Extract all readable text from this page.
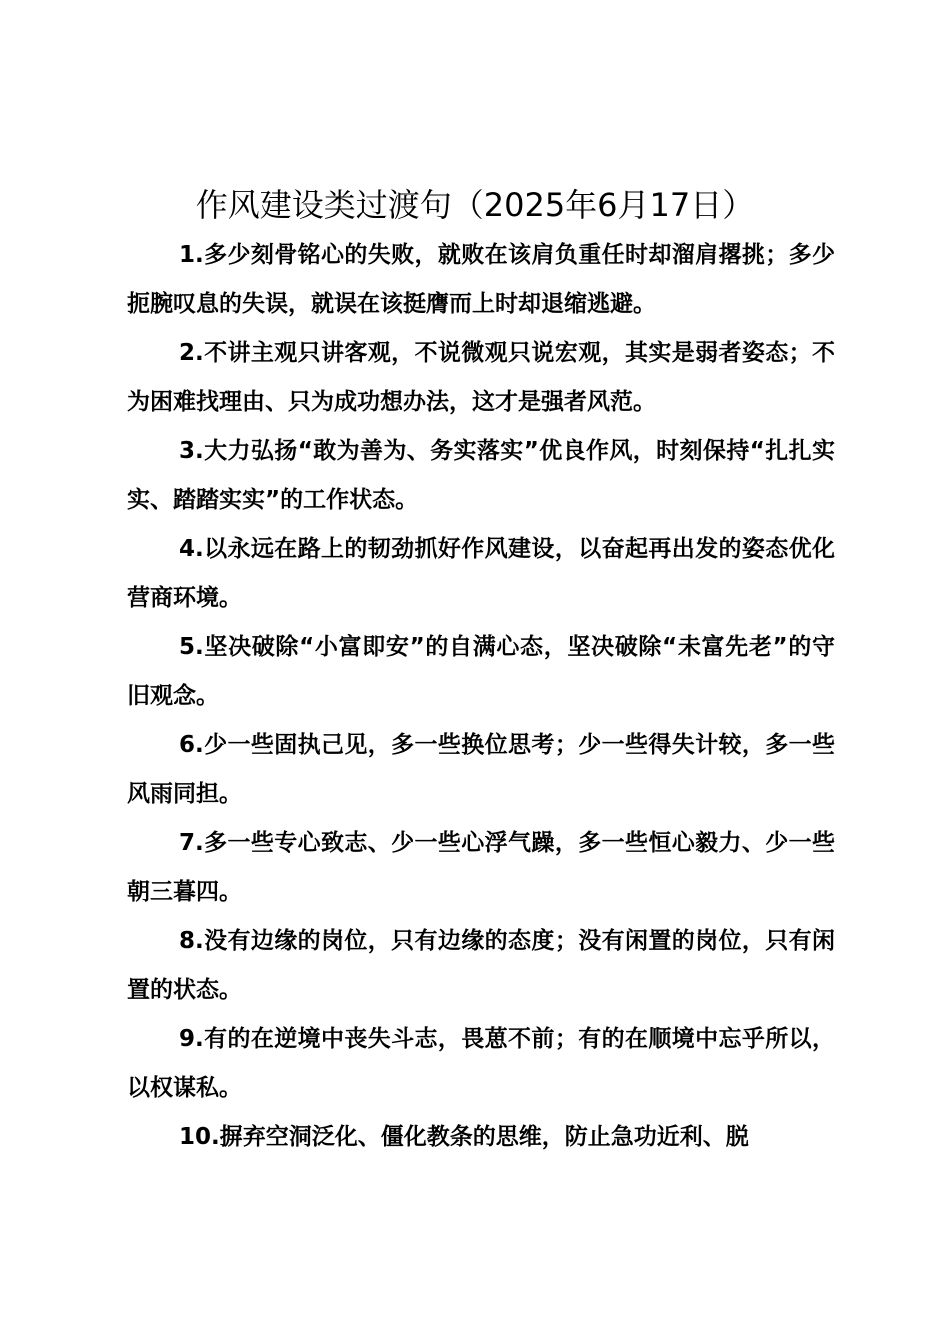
作风建设类过渡句（2025年6月17日）

1.多少刻骨铭心的失败，就败在该肩负重任时却溜肩撂挑；多少扼腕叹息的失误，就误在该挺膺而上时却退缩逃避。

2.不讲主观只讲客观，不说微观只说宏观，其实是弱者姿态；不为困难找理由、只为成功想办法，这才是强者风范。

3.大力弘扬“敢为善为、务实落实”优良作风，时刻保持“扎扎实实、踏踏实实”的工作状态。

4.以永远在路上的韧劲抓好作风建设，以奋起再出发的姿态优化营商环境。

5.坚决破除“小富即安”的自满心态，坚决破除“未富先老”的守旧观念。

6.少一些固执己见，多一些换位思考；少一些得失计较，多一些风雨同担。

7.多一些专心致志、少一些心浮气躁，多一些恒心毅力、少一些朝三暮四。

8.没有边缘的岗位，只有边缘的态度；没有闲置的岗位，只有闲置的状态。

9.有的在逆境中丧失斗志，畏葸不前；有的在顺境中忘乎所以，以权谋私。

10.摒弃空洞泛化、僵化教条的思维，防止急功近利、脱
